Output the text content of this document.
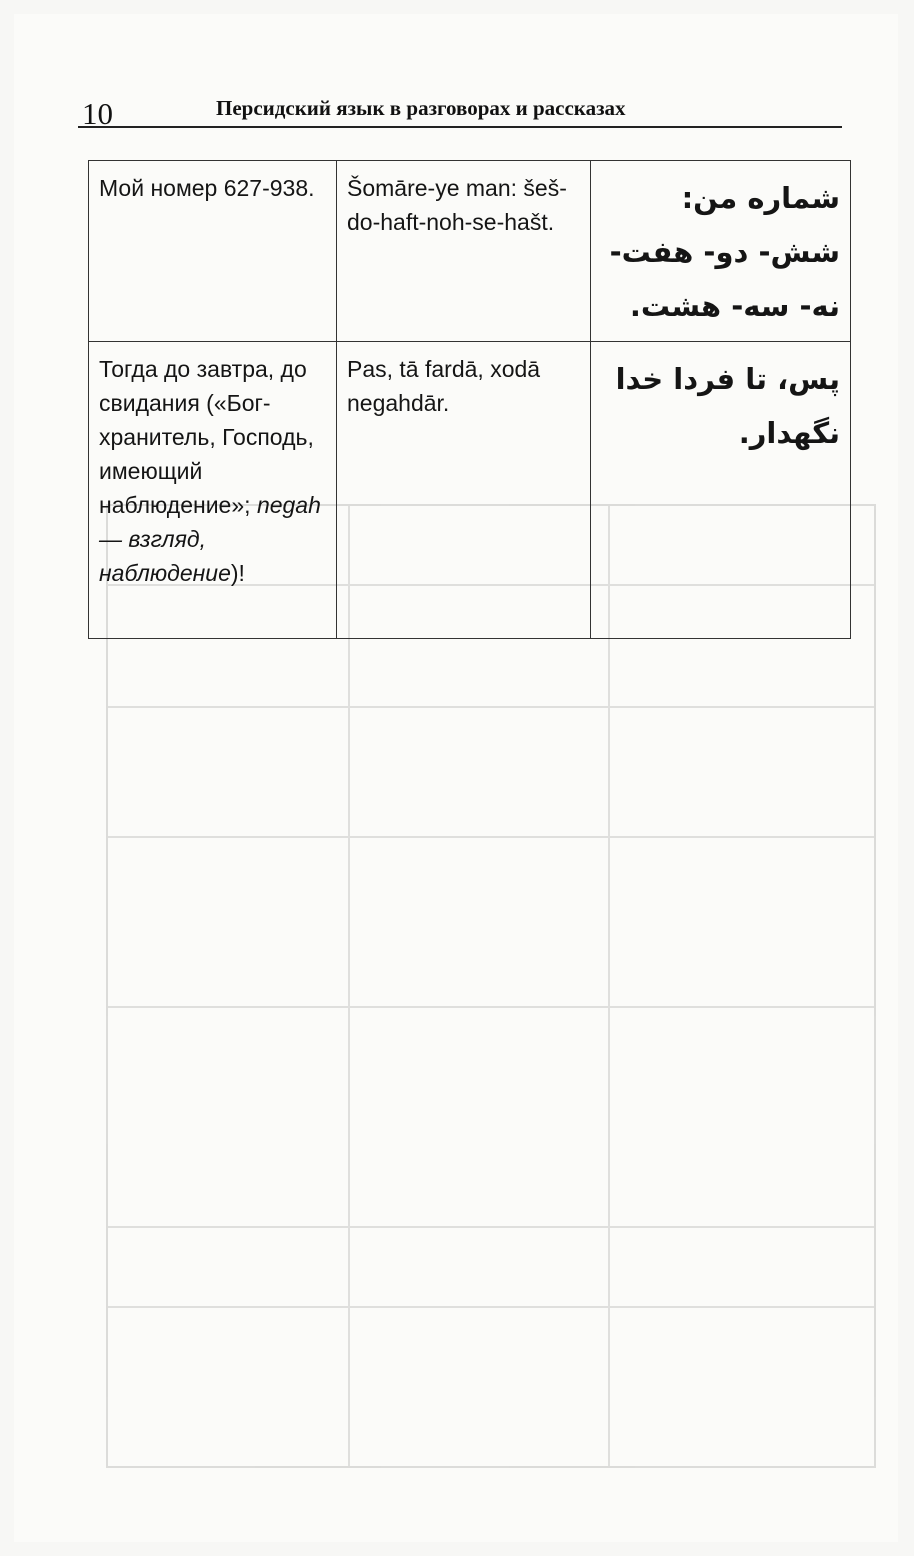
10	Персидский язык в разговорах и рассказах
Мой номер 627-938.	Šomāre-ye man: šeš-do-haft-noh-se-hašt.	شماره من: شش- دو- هفت- نه- سه- هشت.
Тогда до завтра, до свидания («Бог-хранитель, Господь, имеющий наблюдение»; negah — взгляд, наблюдение)!	Pas, tā fardā, xodā negahdār.	پس، تا فردا خدا نگهدار.
